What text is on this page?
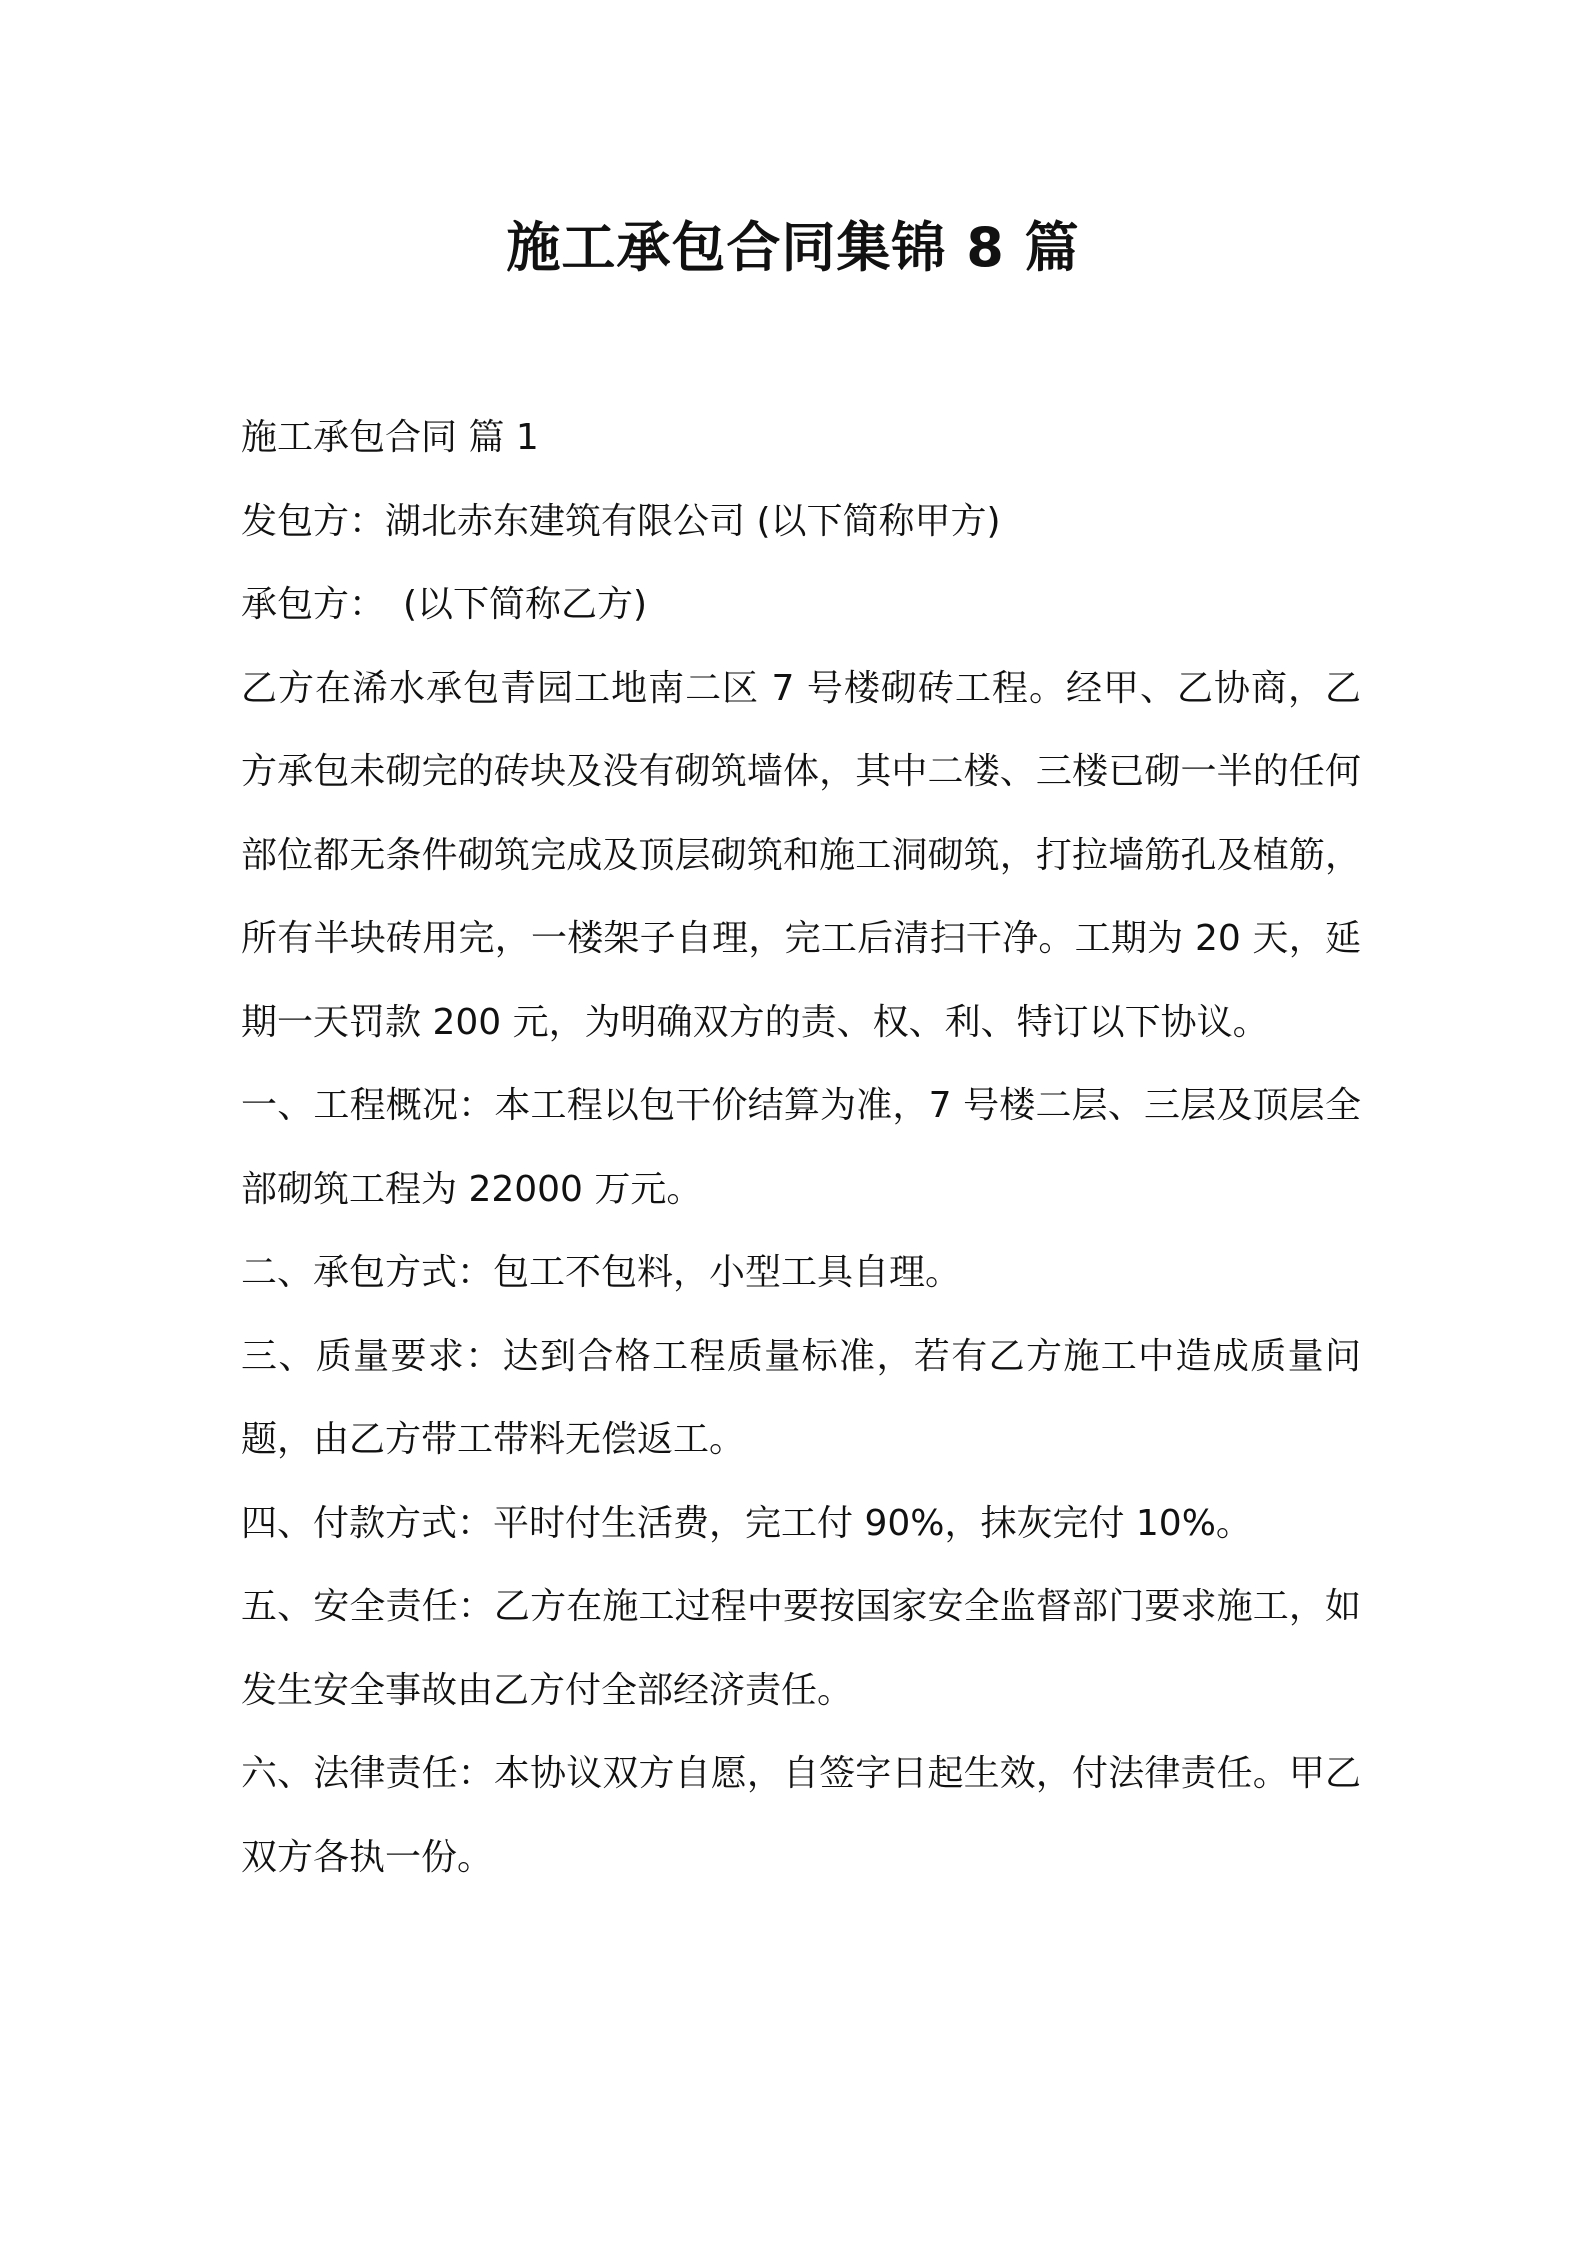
施工承包合同集锦 8 篇

施工承包合同 篇 1

发包方：湖北赤东建筑有限公司 (以下简称甲方)

承包方：　(以下简称乙方)

乙方在浠水承包青园工地南二区 7 号楼砌砖工程。经甲、乙协商，乙方承包未砌完的砖块及没有砌筑墙体，其中二楼、三楼已砌一半的任何部位都无条件砌筑完成及顶层砌筑和施工洞砌筑，打拉墙筋孔及植筋，所有半块砖用完，一楼架子自理，完工后清扫干净。工期为 20 天，延期一天罚款 200 元，为明确双方的责、权、利、特订以下协议。

一、工程概况：本工程以包干价结算为准，7 号楼二层、三层及顶层全部砌筑工程为 22000 万元。

二、承包方式：包工不包料，小型工具自理。

三、质量要求：达到合格工程质量标准，若有乙方施工中造成质量问题，由乙方带工带料无偿返工。

四、付款方式：平时付生活费，完工付 90%，抹灰完付 10%。

五、安全责任：乙方在施工过程中要按国家安全监督部门要求施工，如发生安全事故由乙方付全部经济责任。

六、法律责任：本协议双方自愿，自签字日起生效，付法律责任。甲乙双方各执一份。
